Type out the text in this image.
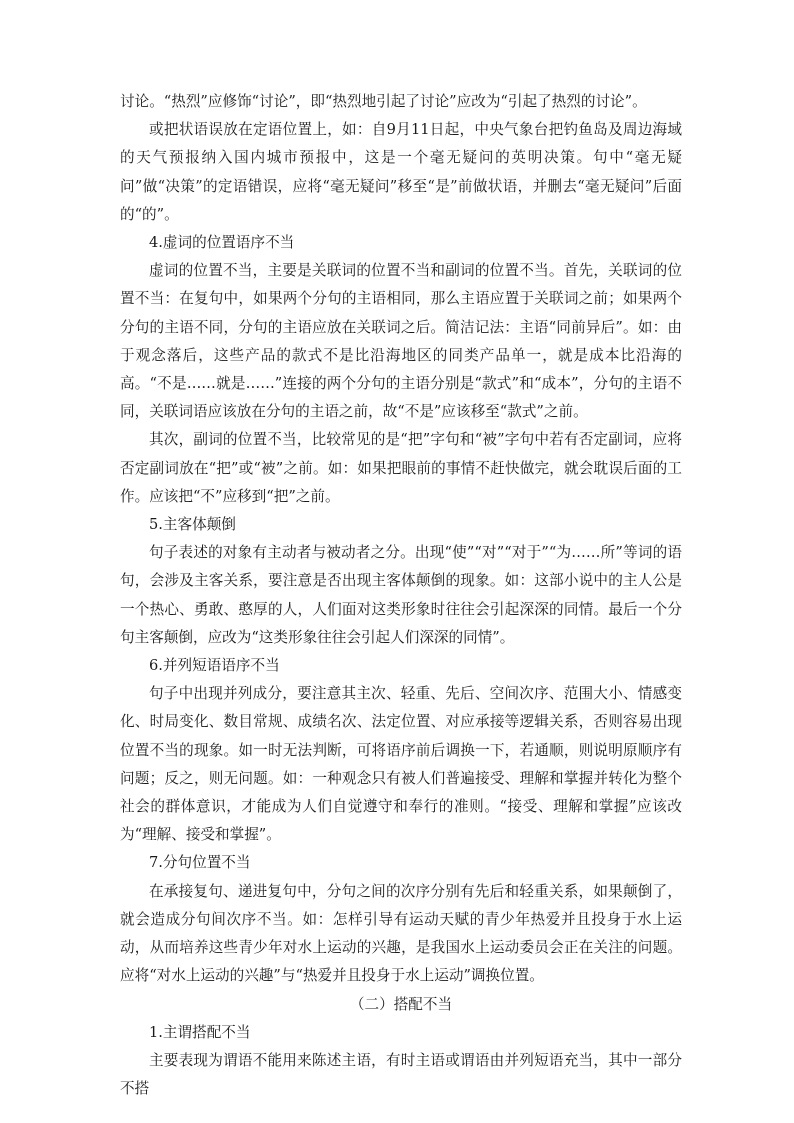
讨论。“热烈”应修饰“讨论”，即“热烈地引起了讨论”应改为“引起了热烈的讨论”。

或把状语误放在定语位置上，如：自9月11日起，中央气象台把钓鱼岛及周边海域的天气预报纳入国内城市预报中，这是一个毫无疑问的英明决策。句中“毫无疑问”做“决策”的定语错误，应将“毫无疑问”移至“是”前做状语，并删去“毫无疑问”后面的“的”。

4.虚词的位置语序不当

虚词的位置不当，主要是关联词的位置不当和副词的位置不当。首先，关联词的位置不当：在复句中，如果两个分句的主语相同，那么主语应置于关联词之前；如果两个分句的主语不同，分句的主语应放在关联词之后。简洁记法：主语“同前异后”。如：由于观念落后，这些产品的款式不是比沿海地区的同类产品单一，就是成本比沿海的高。“不是……就是……”连接的两个分句的主语分别是“款式”和“成本”，分句的主语不同，关联词语应该放在分句的主语之前，故“不是”应该移至“款式”之前。

其次，副词的位置不当，比较常见的是“把”字句和“被”字句中若有否定副词，应将否定副词放在“把”或“被”之前。如：如果把眼前的事情不赶快做完，就会耽误后面的工作。应该把“不”应移到“把”之前。

5.主客体颠倒

句子表述的对象有主动者与被动者之分。出现“使”“对”“对于”“为……所”等词的语句，会涉及主客关系，要注意是否出现主客体颠倒的现象。如：这部小说中的主人公是一个热心、勇敢、憨厚的人，人们面对这类形象时往往会引起深深的同情。最后一个分句主客颠倒，应改为“这类形象往往会引起人们深深的同情”。

6.并列短语语序不当

句子中出现并列成分，要注意其主次、轻重、先后、空间次序、范围大小、情感变化、时局变化、数目常规、成绩名次、法定位置、对应承接等逻辑关系，否则容易出现位置不当的现象。如一时无法判断，可将语序前后调换一下，若通顺，则说明原顺序有问题；反之，则无问题。如：一种观念只有被人们普遍接受、理解和掌握并转化为整个社会的群体意识，才能成为人们自觉遵守和奉行的准则。“接受、理解和掌握”应该改为“理解、接受和掌握”。

7.分句位置不当

在承接复句、递进复句中，分句之间的次序分别有先后和轻重关系，如果颠倒了，就会造成分句间次序不当。如：怎样引导有运动天赋的青少年热爱并且投身于水上运动，从而培养这些青少年对水上运动的兴趣，是我国水上运动委员会正在关注的问题。应将“对水上运动的兴趣”与“热爱并且投身于水上运动”调换位置。

（二）搭配不当

1.主谓搭配不当

主要表现为谓语不能用来陈述主语，有时主语或谓语由并列短语充当，其中一部分不搭
